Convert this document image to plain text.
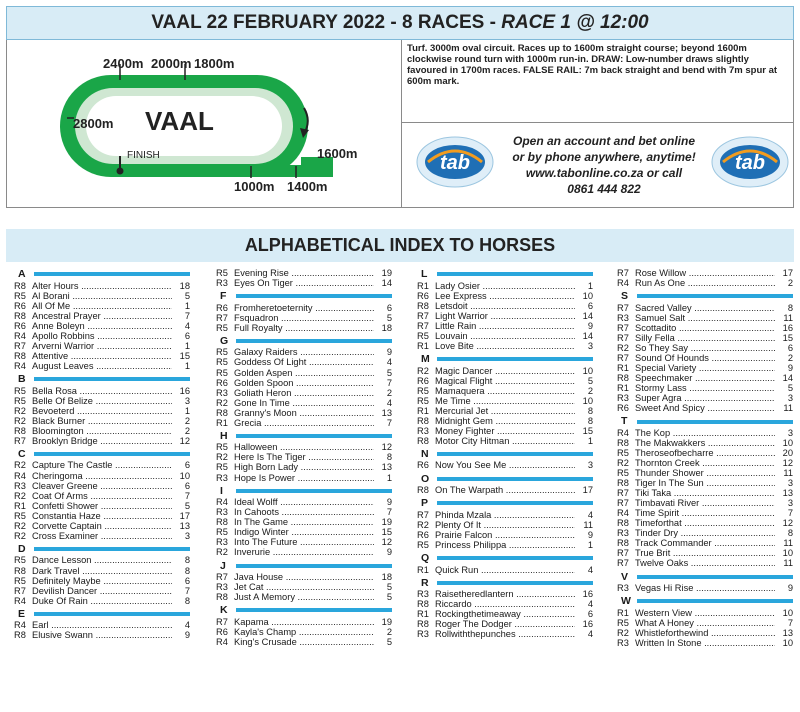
VAAL 22 FEBRUARY 2022 - 8 RACES - RACE 1 @ 12:00
2400m 2000m 1800m
2800m
1000m 1400m
1600m
VAAL
FINISH
Turf. 3000m oval circuit. Races up to 1600m straight course; beyond 1600m clockwise round turn with 1000m run-in. DRAW: Low-number draws slightly favoured in 1700m races. FALSE RAIL: 7m back straight and bend with 7m spur at 600m mark.
tab
Open an account and bet online
or by phone anywhere, anytime!
www.tabonline.co.za or call
0861 444 822
tab
ALPHABETICAL INDEX TO HORSES
A
R8 Alter Hours .....	18
R5 Al Borani .....	5
R6 All Of Me .....	1
R8 Ancestral Prayer .....	7
R6 Anne Boleyn .....	4
R4 Apollo Robbins .....	6
R7 Arverni Warrior .....	1
R8 Attentive .....	15
R4 August Leaves .....	1
B
R5 Bella Rosa .....	16
R5 Belle Of Belize .....	3
R2 Bevoeterd .....	1
R2 Black Burner .....	2
R8 Bloomington .....	2
R7 Brooklyn Bridge .....	12
C
R2 Capture The Castle .....	6
R4 Cheringoma .....	10
R3 Cleaver Greene .....	6
R2 Coat Of Arms .....	7
R1 Confetti Shower .....	5
R5 Constantia Haze .....	17
R2 Corvette Captain .....	13
R2 Cross Examiner .....	3
D
R5 Dance Lesson .....	8
R8 Dark Travel .....	8
R5 Definitely Maybe .....	6
R7 Devilish Dancer .....	7
R4 Duke Of Rain .....	8
E
R4 Earl .....	4
R8 Elusive Swann .....	9
R5 Evening Rise .....	19
R3 Eyes On Tiger .....	14
F
R6 Fromheretoeternity .....	6
R7 Fsquadron .....	5
R5 Full Royalty .....	18
G
R5 Galaxy Raiders .....	9
R5 Goddess Of Light .....	4
R5 Golden Aspen .....	5
R6 Golden Spoon .....	7
R3 Goliath Heron .....	2
R2 Gone In Time .....	4
R8 Granny's Moon .....	13
R1 Grecia .....	7
H
R5 Halloween .....	12
R2 Here Is The Tiger .....	8
R5 High Born Lady .....	13
R3 Hope Is Power .....	1
I
R4 Ideal Wolff .....	9
R3 In Cahoots .....	7
R8 In The Game .....	19
R5 Indigo Winter .....	15
R3 Into The Future .....	12
R2 Inverurie .....	9
J
R7 Java House .....	18
R3 Jet Cat .....	5
R8 Just A Memory .....	5
K
R7 Kapama .....	19
R6 Kayla's Champ .....	2
R4 King's Crusade .....	5
L
R1 Lady Osier .....	1
R6 Lee Express .....	10
R8 Letsdoit .....	6
R7 Light Warrior .....	14
R7 Little Rain .....	9
R5 Louvain .....	14
R1 Love Bite .....	3
M
R2 Magic Dancer .....	10
R6 Magical Flight .....	5
R5 Mamaquera .....	2
R5 Me Time .....	10
R1 Mercurial Jet .....	8
R8 Midnight Gem .....	8
R3 Money Fighter .....	15
R8 Motor City Hitman .....	1
N
R6 Now You See Me .....	3
O
R8 On The Warpath .....	17
P
R7 Phinda Mzala .....	4
R2 Plenty Of It .....	11
R6 Prairie Falcon .....	9
R5 Princess Philippa .....	1
Q
R1 Quick Run .....	4
R
R3 Raisetheredlantern .....	16
R8 Riccardo .....	4
R1 Rockingthetimeaway .....	6
R8 Roger The Dodger .....	16
R3 Rollwiththepunches .....	4
R7 Rose Willow .....	17
R4 Run As One .....	2
S
R7 Sacred Valley .....	8
R3 Samuel Salt .....	11
R7 Scottadito .....	16
R7 Silly Fella .....	15
R2 So They Say .....	6
R7 Sound Of Hounds .....	2
R1 Special Variety .....	9
R8 Speechmaker .....	14
R1 Stormy Lass .....	5
R3 Super Agra .....	3
R6 Sweet And Spicy .....	11
T
R4 The Kop .....	3
R8 The Makwakkers .....	10
R5 Theroseofbecharre .....	20
R2 Thornton Creek .....	12
R5 Thunder Shower .....	11
R8 Tiger In The Sun .....	3
R7 Tiki Taka .....	13
R7 Timbavati River .....	3
R4 Time Spirit .....	7
R8 Timeforthat .....	12
R3 Tinder Dry .....	8
R8 Track Commander .....	11
R7 True Brit .....	10
R7 Twelve Oaks .....	11
V
R3 Vegas Hi Rise .....	9
W
R1 Western View .....	10
R5 What A Honey .....	7
R2 Whistleforthewind .....	13
R3 Written In Stone .....	10
